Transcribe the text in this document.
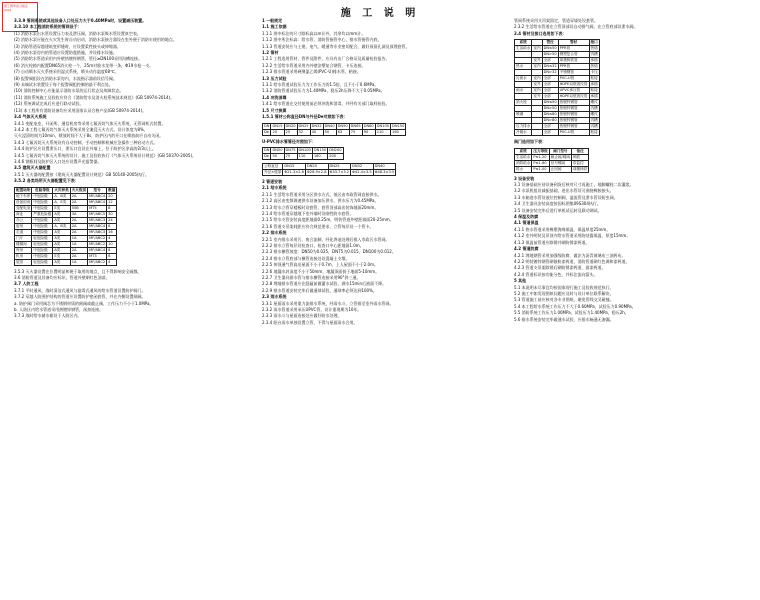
施工图审查合格证 2021	施 工 说 明
3.3.9 管网系统或其他设备入口处压力大于0.40MPa时，设置减压装置。
3.3.10 本工程消防系统的管网设于：
(1) 消防水泵出水管设置压力表及泄压阀，消防水泵吸水管设置真空表。
(2) 消防水泵应能在火灾发生时自动启动，消防水泵接合器设在室外便于消防车使用的地点。
(3) 消防管道穿越建筑变形缝时，应设置柔性接头或伸缩器。
(4) 消防水泵房内的管道应设置防震措施，并设排水设施。
(5) 消防给水管道采用内外壁热镀锌钢管，管径≥DN100采用沟槽连接。
(6) 消火栓箱内配置DN65消火栓一个，25m衬胶水龙带一条，Φ19水枪一支。
(7) 自动喷水灭火系统采用湿式系统，喷头动作温度68℃。
(8) 报警阀组设在消防水泵房内，水流指示器前设信号阀。
(9) 末端试水装置设于每个报警阀组控制的最不利点处。
(10) 消防控制中心应能显示消防水泵的运行状态及故障状态。
(11) 消防系统施工及验收应符合《消防给水及消火栓系统技术规范》(GB 50974-2014)。
(12) 系统调试完成后应进行联动试验。
(13) 本工程所有消防设备均应采用国家认证合格产品(GB 50974-2014)。
3.4 气体灭火系统
3.4.1 变配电室、开闭所、通信机房等采用七氟丙烷气体灭火系统，无管网柜式装置。
3.4.2 本工程七氟丙烷气体灭火系统采用全淹没灭火方式，设计浓度为8%，
灭火浸渍时间为10min，喷放时间不大于8s，防护区内的开口在喷放前应自动关闭。
3.4.3 七氟丙烷灭火系统设有自动控制、手动控制和机械应急操作三种启动方式。
3.4.4 防护区应设置泄压口，泄压口宜设在外墙上，位于防护区净高的2/3以上。
3.4.5 七氟丙烷气体灭火系统的设计、施工及验收执行《气体灭火系统设计规范》(GB 50370-2005)。
3.4.6 钢瓶间及防护区入口处应设置声光报警器。
3.5 建筑灭火器配置
3.5.1 灭火器的配置按《建筑灭火器配置设计规范》GB 50140-2005执行。
3.5.2 各类场所灭火器配置见下表：
配置场所	危险等级	火灾种类	灭火级别	型号	数量
地下车库	中危险级	A、B类	2A	MF/ABC4	20
设备用房	中危险级	A、E类	2A	MF/ABC4	12
变配电室	中危险级	E类	55B	MT5	8
商业	严重危险级	A类	3A	MF/ABC5	30
办公	中危险级	A类	2A	MF/ABC3	24
厨房	中危险级	A、B类	2A	MF/ABC4	6
走道	中危险级	A类	2A	MF/ABC3	16
门厅	轻危险级	A类	1A	MF/ABC2	4
楼梯间	轻危险级	A类	1A	MF/ABC2	10
库房	中危险级	A类	2A	MF/ABC4	8
机房	中危险级	E类	2A	MT3	6
屋顶	轻危险级	A类	1A	MF/ABC2	4
3.5.3 灭火器设置在位置明显和便于取用的地点，且不得影响安全疏散。
3.6 消防管道及设备均应标识，管道外壁刷红色油漆。
3.7 人防工程
3.7.1 平时通风、战时清洁式通风与滤毒式通风的给水管道设置防护阀门。
3.7.2 穿越人防围护结构的管道应设置防护密闭套管，并在内侧设置闸阀。
a. 防护阀门采用阀芯为不锈钢材质的闸阀或截止阀，工作压力不小于1.0MPa。
b. 人防区内给水管道采用热镀锌钢管，丝扣连接。
3.7.3 战时给水储水箱设于人防区内。
1 一般规定
1.1 施工依据
1.1.1 图中标注的尺寸除标高以m计外，其余均以mm计。
1.1.2 图中所注标高：给水管、消防管指管中心，排水管指管内底。
1.1.3 管道安装应与土建、电气、暖通等专业密切配合，做好预留孔洞及预埋套管。
1.2 管材
1.2.1 工程选用管材、管件及附件，应具有出厂合格证及质量检验报告。
1.2.2 生活给水管道采用内外壁涂塑复合钢管，卡压连接。
1.2.3 排水管道采用硬聚氯乙烯(PVC-U)排水管，粘接。
1.3 压力试验
1.3.1 给水管道试验压力为工作压力的1.5倍，且不小于0.6MPa。
1.3.2 消防管道试验压力为1.40MPa，稳压2h压降不大于0.05MPa。
1.4 冲洗消毒
1.4.1 给水管道在交付使用前必须冲洗和消毒，并经有关部门取样检验。
1.5 尺寸换算
1.5.1 管材公称直径DN与外径De对照如下表：
DN	DN15	DN20	DN25	DN32	DN40	DN50	DN65	DN80	DN100	DN150
De	20	25	32	40	50	63	75	90	110	160
U-PVC排水管管径对照如下：
DN	DN50	DN75	DN100	DN150	DN200
De	50	75	110	160	200
公称直径	DN15	DN20	DN25	DN32	DN40
外径×壁厚	Φ21.3×2.8	Φ26.9×2.8	Φ33.7×3.2	Φ42.4×3.5	Φ48.3×3.5
2 管道安装
2.1 给水系统
2.1.1 生活给水管道采用分区供水方式，低区由市政管网直接供水。
2.1.2 高区由变频调速供水设备加压供水，供水压力为0.45MPa。
2.1.3 给水立管穿楼板时设套管，套管顶部高出装饰地面20mm。
2.1.4 给水管道穿越地下室外墙时设刚性防水套管。
2.1.5 给水支管安装高度距地面0.25m，明装管道外壁距墙面20-25mm。
2.1.6 管道支吊架间距应符合规范要求，立管每层设一个管卡。
2.2 排水系统
2.2.1 室内排水采用污、废合流制，经化粪池处理后排入市政污水管网。
2.2.2 排水立管每层设检查口，检查口中心距地面1.0m。
2.2.3 排水横管坡度：DN50为0.025，DN75为0.015，DN100为0.012。
2.2.4 排水立管底部与横管连接处设混凝土支墩。
2.2.5 伸顶通气管高出屋面不小于0.7m，上人屋面不小于2.0m。
2.2.6 地漏水封深度不小于50mm，地漏顶面低于地面5-10mm。
2.2.7 卫生器具排水管与排水横管连接采用90°斜三通。
2.2.8 埋地排水管道应在隐蔽前做灌水试验，满水15min后液面不降。
2.2.9 排水管道安装完毕后做通球试验，通球率必须达到100%。
2.3 雨水系统
2.3.1 屋面雨水采用重力流排水系统，经雨水斗、立管排至室外雨水管网。
2.3.2 雨水管道采用承压UPVC管，设计重现期为10年。
2.3.3 雨水斗与屋面连接处应做好防水处理。
2.3.4 阳台雨水单独设置立管，不得与屋面雨水合用。
管网系统采用支吊架固定，管道穿墙处设套管。
2.3.2 生活给水管道在立管顶部设自动排气阀，在立管底部设泄水阀。
2.4 管材及接口选用如下表：
系统		管径	管材	接口
生活给水	室内	DN≤50	PPR管	热熔
		DN>50	钢塑复合管	沟槽
	室外	全部	球墨铸铁管	承插
热水	室内	DN≤32	PPR管	热熔
		DN>32	不锈钢管	卡压
污废水	室内	全部	PVC-U管	粘接
	室外	全部	HDPE双壁波纹管	承插
雨水	室内	全部	UPVC承压管	粘接
	室外	全部	HDPE双壁波纹管	承插
消火栓		DN≤50	热镀锌钢管	螺纹
		DN>50	热镀锌钢管	沟槽
喷淋		DN≤80	热镀锌钢管	螺纹
		DN>80	热镀锌钢管	沟槽
压力排水		全部	热镀锌钢管	沟槽
冷凝水		全部	PVC-U管	粘接
阀门选用如下表：
系统	压力等级	阀门型号	备注
生活给水	P≤1.20	截止阀/闸阀	铜质
消防给水	P≤1.60	信号蝶阀	带监控
排水	P≤1.00	止回阀	球墨铸铁
3 设备安装
3.1 设备基础应待设备到货后核对尺寸再施工，地脚螺栓二次灌浆。
3.2 水泵机组设减振基础，进出水管设可曲挠橡胶接头。
3.3 水箱进水管设液位控制阀，溢流管及泄水管设防虫网。
3.4 卫生器具安装高度按国标图集09S304执行。
3.5 设备安装完毕后进行单机试运转及联动调试。
4 保温及防腐
4.1 管道保温
4.1.1 热水管道采用橡塑海绵保温，保温厚度25mm。
4.1.2 室外明装及吊顶内给水管道采用防结露保温，厚度15mm。
4.1.3 保温前管道应除锈并刷防锈漆两道。
4.2 管道防腐
4.2.1 埋地钢管采用加强级防腐，做法为沥青玻璃布三油两布。
4.2.2 明装镀锌钢管刷银粉漆两道，消防管道刷红色调和漆两道。
4.2.3 管道支吊架除锈后刷防锈漆两道，面漆两道。
4.2.4 管道标识按功能分色，并标注流向箭头。
5 其他
5.1 本说明未尽事宜均按国家现行施工及验收规范执行。
5.2 施工中如发现图纸问题应及时与设计单位联系解决。
5.3 管道施工前应核对各专业图纸，避免管线交叉碰撞。
5.4 本工程给水系统工作压力不大于0.60MPa，试验压力0.90MPa。
5.5 消防系统工作压力1.00MPa，试验压力1.40MPa，稳压2h。
5.6 排水系统安装完毕做通水试验，应排水畅通无渗漏。
